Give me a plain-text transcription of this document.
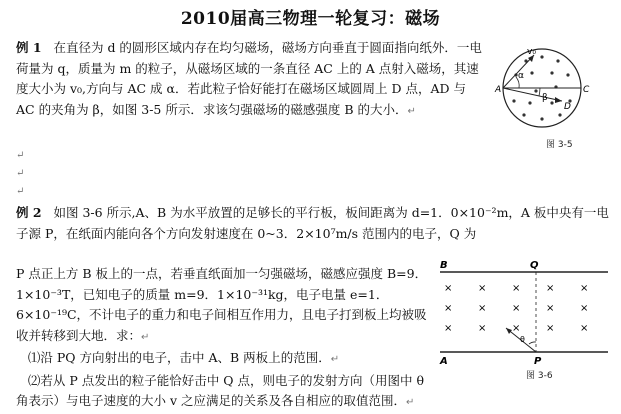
2010届高三物理一轮复习：磁场

例 1 在直径为 d 的圆形区域内存在均匀磁场，磁场方向垂直于圆面指向纸外．一电荷量为 q，质量为 m 的粒子，从磁场区域的一条直径 AC 上的 A 点射入磁场，其速度大小为 v₀,方向与 AC 成 α．若此粒子恰好能打在磁场区域圆周上 D 点，AD 与 AC 的夹角为 β，如图 3-5 所示．求该匀强磁场的磁感强度 B 的大小．↵

↵
↵
↵
v₀
α
β
A	C
D
图 3-5

例 2 如图 3-6 所示,A、B 为水平放置的足够长的平行板，板间距离为 d=1．0×10⁻²m，A 板中央有一电子源 P，在纸面内能向各个方向发射速度在 0~3．2×10⁷m/s 范围内的电子，Q 为

P 点正上方 B 板上的一点，若垂直纸面加一匀强磁场，磁感应强度 B=9．1×10⁻³T，已知电子的质量 m=9．1×10⁻³¹kg，电子电量 e=1．6×10⁻¹⁹C，不计电子的重力和电子间相互作用力，且电子打到板上均被吸收并转移到大地．求：↵
⑴沿 PQ 方向射出的电子，击中 A、B 两板上的范围．↵
⑵若从 P 点发出的粒子能恰好击中 Q 点，则电子的发射方向（用图中 θ 角表示）与电子速度的大小 v 之应满足的关系及各自相应的取值范围．↵

×	×	×	×	×
×	×	×	×	×
×	×	×	×	×
B	Q
A	P
θ
图 3-6
